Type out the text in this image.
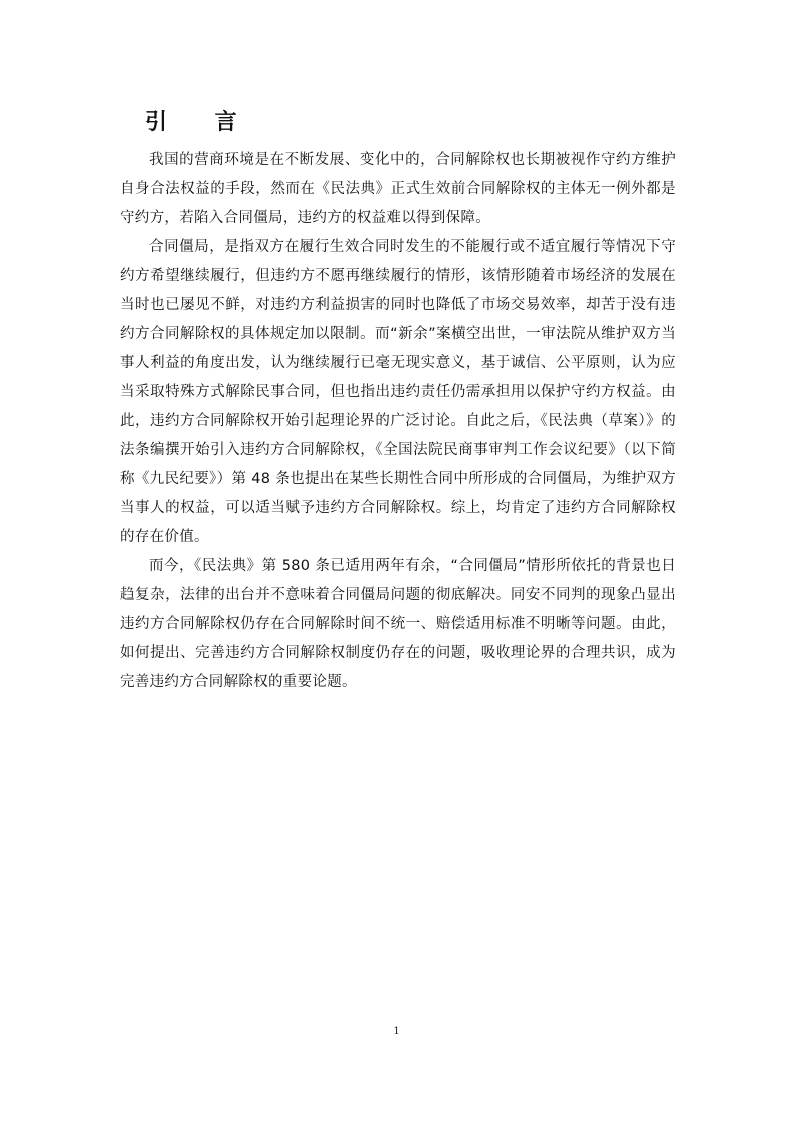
引 言

我国的营商环境是在不断发展、变化中的，合同解除权也长期被视作守约方维护自身合法权益的手段，然而在《民法典》正式生效前合同解除权的主体无一例外都是守约方，若陷入合同僵局，违约方的权益难以得到保障。

合同僵局，是指双方在履行生效合同时发生的不能履行或不适宜履行等情况下守约方希望继续履行，但违约方不愿再继续履行的情形，该情形随着市场经济的发展在当时也已屡见不鲜，对违约方利益损害的同时也降低了市场交易效率，却苦于没有违约方合同解除权的具体规定加以限制。而“新余”案横空出世，一审法院从维护双方当事人利益的角度出发，认为继续履行已毫无现实意义，基于诚信、公平原则，认为应当采取特殊方式解除民事合同，但也指出违约责任仍需承担用以保护守约方权益。由此，违约方合同解除权开始引起理论界的广泛讨论。自此之后，《民法典（草案）》的法条编撰开始引入违约方合同解除权，《全国法院民商事审判工作会议纪要》（以下简称《九民纪要》）第 48 条也提出在某些长期性合同中所形成的合同僵局，为维护双方当事人的权益，可以适当赋予违约方合同解除权。综上，均肯定了违约方合同解除权的存在价值。

而今，《民法典》第 580 条已适用两年有余，“合同僵局”情形所依托的背景也日趋复杂，法律的出台并不意味着合同僵局问题的彻底解决。同安不同判的现象凸显出违约方合同解除权仍存在合同解除时间不统一、赔偿适用标准不明晰等问题。由此，如何提出、完善违约方合同解除权制度仍存在的问题，吸收理论界的合理共识，成为完善违约方合同解除权的重要论题。

1
